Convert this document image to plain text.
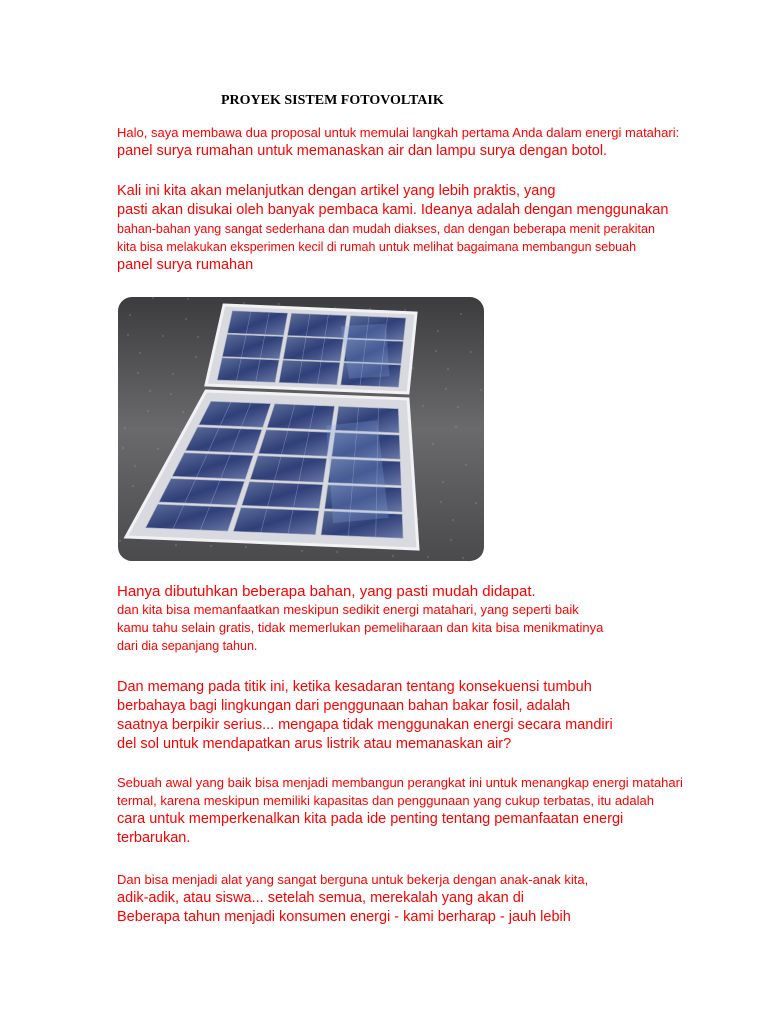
PROYEK SISTEM FOTOVOLTAIK
Halo, saya membawa dua proposal untuk memulai langkah pertama Anda dalam energi matahari:
panel surya rumahan untuk memanaskan air dan lampu surya dengan botol.
Kali ini kita akan melanjutkan dengan artikel yang lebih praktis, yang
pasti akan disukai oleh banyak pembaca kami. Ideanya adalah dengan menggunakan
bahan-bahan yang sangat sederhana dan mudah diakses, dan dengan beberapa menit perakitan
kita bisa melakukan eksperimen kecil di rumah untuk melihat bagaimana membangun sebuah
panel surya rumahan
Hanya dibutuhkan beberapa bahan, yang pasti mudah didapat.
dan kita bisa memanfaatkan meskipun sedikit energi matahari, yang seperti baik
kamu tahu selain gratis, tidak memerlukan pemeliharaan dan kita bisa menikmatinya
dari dia sepanjang tahun.
Dan memang pada titik ini, ketika kesadaran tentang konsekuensi tumbuh
berbahaya bagi lingkungan dari penggunaan bahan bakar fosil, adalah
saatnya berpikir serius... mengapa tidak menggunakan energi secara mandiri
del sol untuk mendapatkan arus listrik atau memanaskan air?
Sebuah awal yang baik bisa menjadi membangun perangkat ini untuk menangkap energi matahari
termal, karena meskipun memiliki kapasitas dan penggunaan yang cukup terbatas, itu adalah
cara untuk memperkenalkan kita pada ide penting tentang pemanfaatan energi
terbarukan.
Dan bisa menjadi alat yang sangat berguna untuk bekerja dengan anak-anak kita,
adik-adik, atau siswa... setelah semua, merekalah yang akan di
Beberapa tahun menjadi konsumen energi - kami berharap - jauh lebih
